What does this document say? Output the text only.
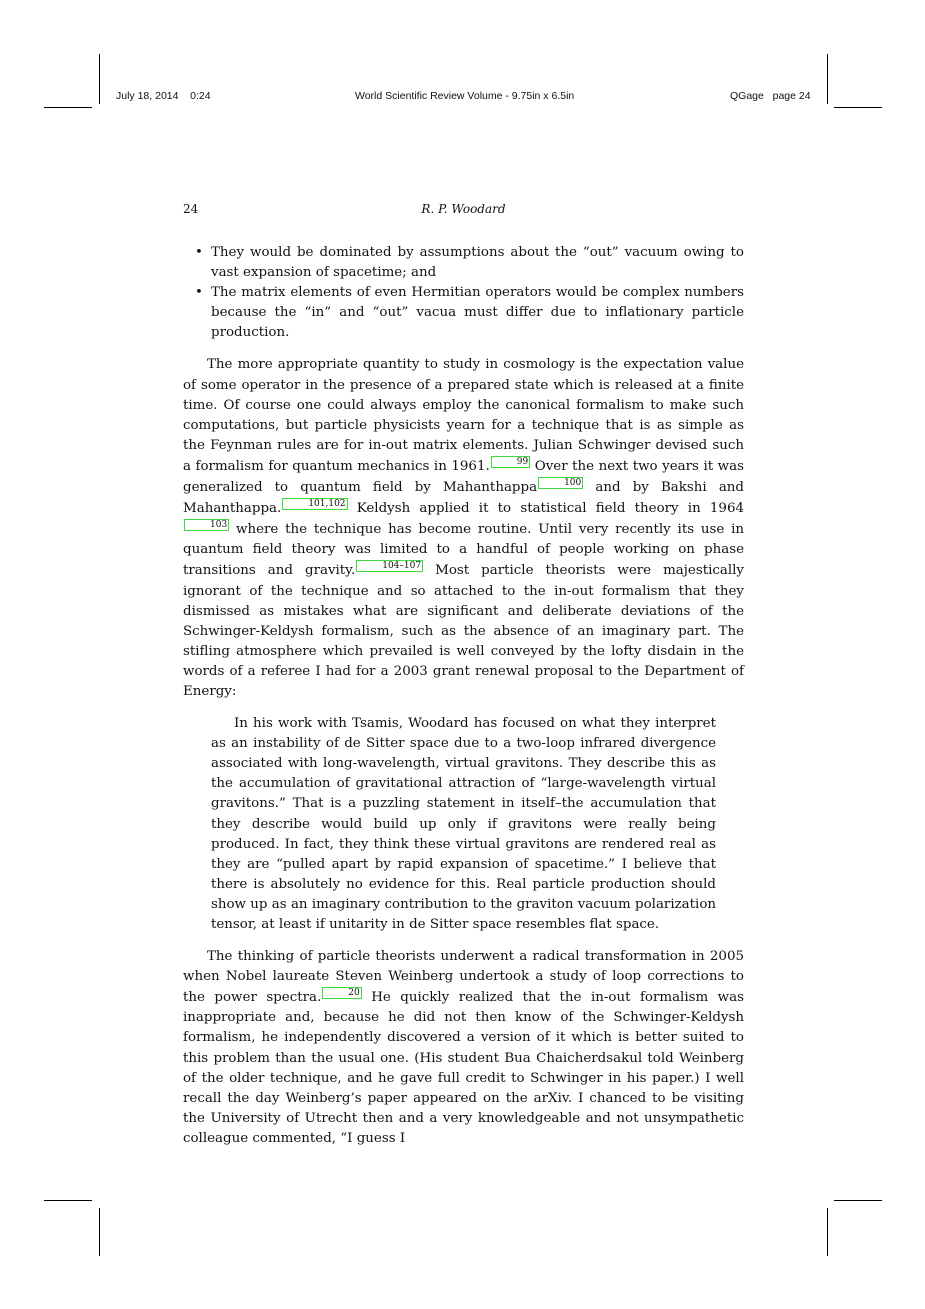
July 18, 2014    0:24	World Scientific Review Volume - 9.75in x 6.5in	QGage   page 24
24	R. P. Woodard
• They would be dominated by assumptions about the “out” vacuum owing to vast expansion of spacetime; and
• The matrix elements of even Hermitian operators would be complex numbers because the “in” and “out” vacua must differ due to inflationary particle production.

The more appropriate quantity to study in cosmology is the expectation value of some operator in the presence of a prepared state which is released at a finite time. Of course one could always employ the canonical formalism to make such computations, but particle physicists yearn for a technique that is as simple as the Feynman rules are for in-out matrix elements. Julian Schwinger devised such a formalism for quantum mechanics in 1961.	99 Over the next two years it was generalized to quantum field by Mahanthappa	100 and by Bakshi and Mahanthappa.	101,102 Keldysh applied it to statistical field theory in 1964103 where the technique has become routine. Until very recently its use in quantum field theory was limited to a handful of people working on phase transitions and gravity.	104–107 Most particle theorists were majestically ignorant of the technique and so attached to the in-out formalism that they dismissed as mistakes what are significant and deliberate deviations of the Schwinger-Keldysh formalism, such as the absence of an imaginary part. The stifling atmosphere which prevailed is well conveyed by the lofty disdain in the words of a referee I had for a 2003 grant renewal proposal to the Department of Energy:

In his work with Tsamis, Woodard has focused on what they interpret as an instability of de Sitter space due to a two-loop infrared divergence associated with long-wavelength, virtual gravitons. They describe this as the accumulation of gravitational attraction of “large-wavelength virtual gravitons.” That is a puzzling statement in itself–the accumulation that they describe would build up only if gravitons were really being produced. In fact, they think these virtual gravitons are rendered real as they are “pulled apart by rapid expansion of spacetime.” I believe that there is absolutely no evidence for this. Real particle production should show up as an imaginary contribution to the graviton vacuum polarization tensor, at least if unitarity in de Sitter space resembles flat space.

The thinking of particle theorists underwent a radical transformation in 2005 when Nobel laureate Steven Weinberg undertook a study of loop corrections to the power spectra.	20 He quickly realized that the in-out formalism was inappropriate and, because he did not then know of the Schwinger-Keldysh formalism, he independently discovered a version of it which is better suited to this problem than the usual one. (His student Bua Chaicherdsakul told Weinberg of the older technique, and he gave full credit to Schwinger in his paper.) I well recall the day Weinberg’s paper appeared on the arXiv. I chanced to be visiting the University of Utrecht then and a very knowledgeable and not unsympathetic colleague commented, “I guess I
